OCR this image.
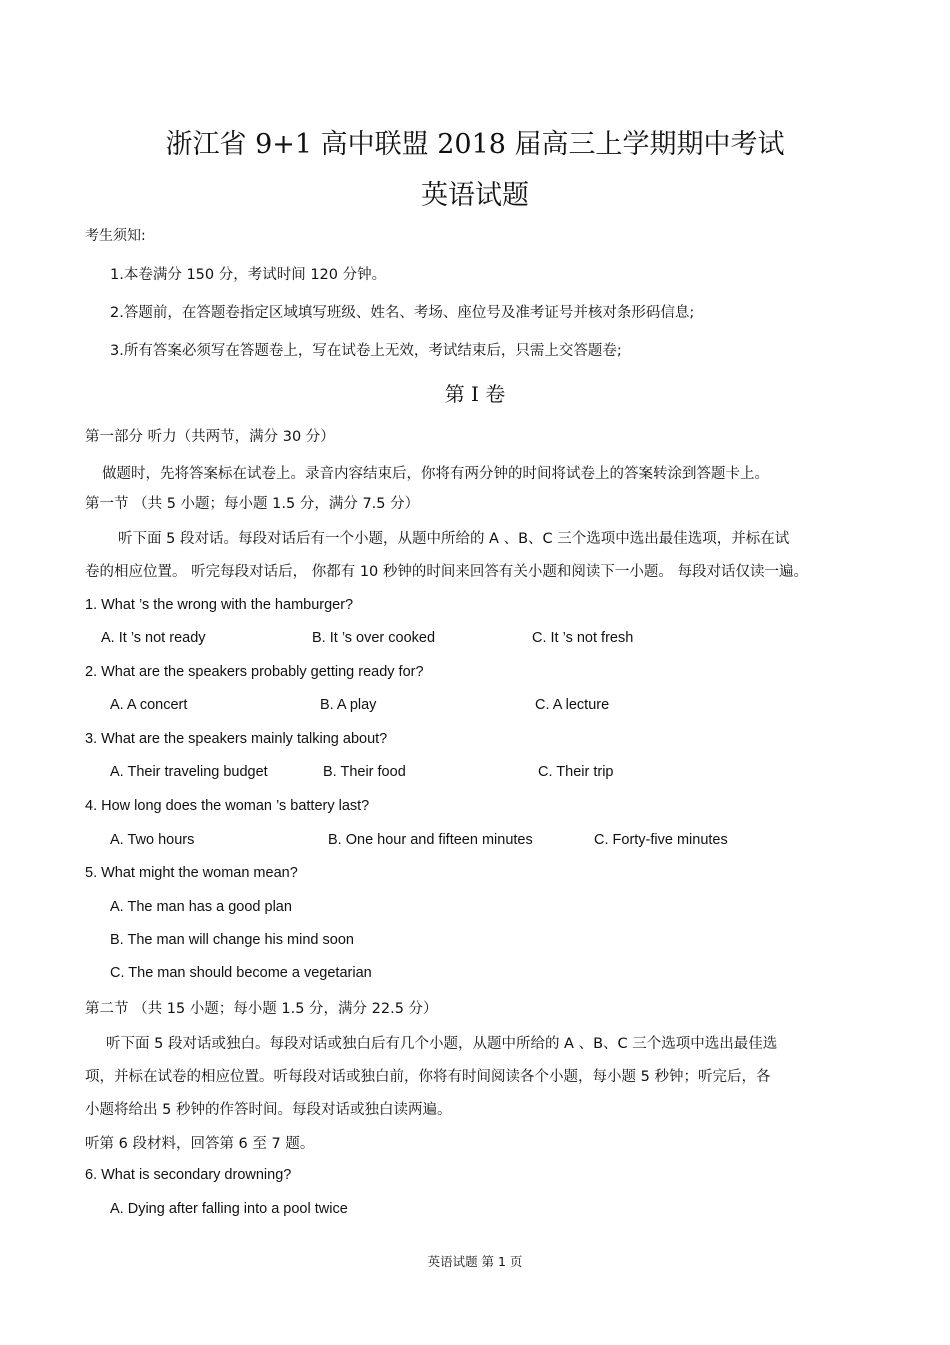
浙江省 9+1 高中联盟 2018 届高三上学期期中考试
英语试题
考生须知:
1.本卷满分 150 分，考试时间 120 分钟。
2.答题前，在答题卷指定区域填写班级、姓名、考场、座位号及准考证号并核对条形码信息;
3.所有答案必须写在答题卷上，写在试卷上无效，考试结束后，只需上交答题卷;
第 I 卷
第一部分 听力（共两节，满分 30 分）
做题时，先将答案标在试卷上。录音内容结束后，你将有两分钟的时间将试卷上的答案转涂到答题卡上。
第一节 （共 5 小题；每小题 1.5 分，满分 7.5 分）
听下面 5 段对话。每段对话后有一个小题，从题中所给的 A 、B、C 三个选项中选出最佳选项，并标在试
卷的相应位置。 听完每段对话后， 你都有 10 秒钟的时间来回答有关小题和阅读下一小题。 每段对话仅读一遍。
1. What ’s the wrong with the hamburger?
A. It ’s not ready	B. It ’s over cooked	C. It ’s not fresh
2. What are the speakers probably getting ready for?
A. A concert	B. A play	C. A lecture
3. What are the speakers mainly talking about?
A. Their traveling budget	B. Their food	C. Their trip
4. How long does the woman ’s battery last?
A. Two hours	B. One hour and fifteen minutes	C. Forty-five minutes
5. What might the woman mean?
A. The man has a good plan
B. The man will change his mind soon
C. The man should become a vegetarian
第二节 （共 15 小题；每小题 1.5 分，满分 22.5 分）
听下面 5 段对话或独白。每段对话或独白后有几个小题，从题中所给的 A 、B、C 三个选项中选出最佳选
项，并标在试卷的相应位置。听每段对话或独白前，你将有时间阅读各个小题，每小题 5 秒钟；听完后，各
小题将给出 5 秒钟的作答时间。每段对话或独白读两遍。
听第 6 段材料，回答第 6 至 7 题。
6. What is secondary drowning?
A. Dying after falling into a pool twice
英语试题 第 1 页
